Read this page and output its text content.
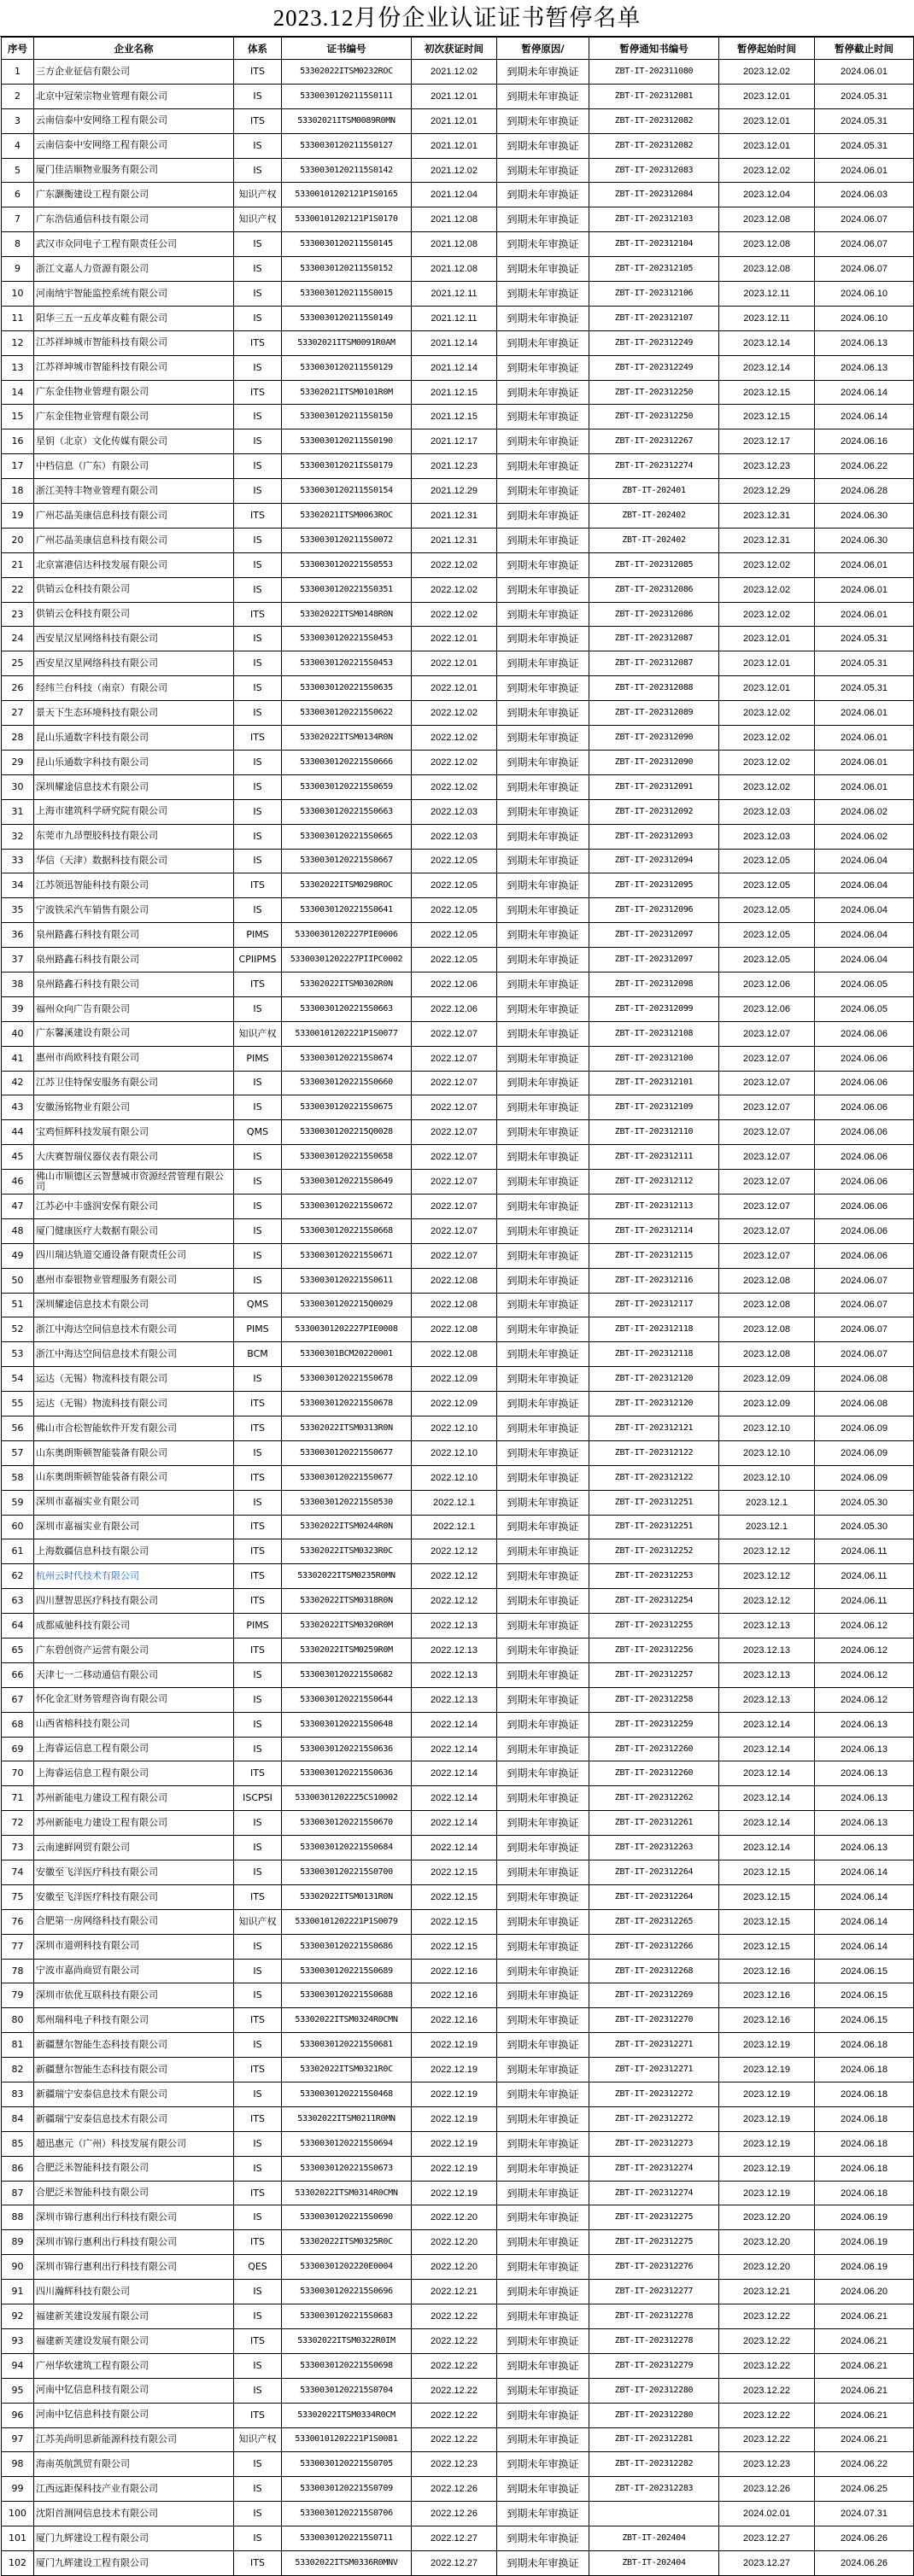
2023.12月份企业认证证书暂停名单
序号	企业名称	体系	证书编号	初次获证时间	暂停原因/	暂停通知书编号	暂停起始时间	暂停截止时间
1	三方企业征信有限公司	ITS	53302022ITSM0232ROC	2021.12.02	到期未年审换证	ZBT-IT-202311080	2023.12.02	2024.06.01
2	北京中冠荣宗物业管理有限公司	IS	53300301202115S0111	2021.12.01	到期未年审换证	ZBT-IT-202312081	2023.12.01	2024.05.31
3	云南信泰中安网络工程有限公司	ITS	53302021ITSM0089R0MN	2021.12.01	到期未年审换证	ZBT-IT-202312082	2023.12.01	2024.05.31
4	云南信泰中安网络工程有限公司	IS	53300301202115S0127	2021.12.01	到期未年审换证	ZBT-IT-202312082	2023.12.01	2024.05.31
5	厦门佳洁顺物业服务有限公司	IS	53300301202115S0142	2021.12.02	到期未年审换证	ZBT-IT-202312083	2023.12.02	2024.06.01
6	广东灏衡建设工程有限公司	知识产权	53300101202121P1S0165	2021.12.04	到期未年审换证	ZBT-IT-202312084	2023.12.04	2024.06.03
7	广东浩信通信科技有限公司	知识产权	53300101202121P1S0170	2021.12.08	到期未年审换证	ZBT-IT-202312103	2023.12.08	2024.06.07
8	武汉市众同电子工程有限责任公司	IS	53300301202115S0145	2021.12.08	到期未年审换证	ZBT-IT-202312104	2023.12.08	2024.06.07
9	浙江文嘉人力资源有限公司	IS	53300301202115S0152	2021.12.08	到期未年审换证	ZBT-IT-202312105	2023.12.08	2024.06.07
10	河南纳宇智能监控系统有限公司	IS	53300301202115S0015	2021.12.11	到期未年审换证	ZBT-IT-202312106	2023.12.11	2024.06.10
11	阳华三五一五皮革皮鞋有限公司	IS	53300301202115S0149	2021.12.11	到期未年审换证	ZBT-IT-202312107	2023.12.11	2024.06.10
12	江苏祥坤城市智能科技有限公司	ITS	53302021ITSM0091R0AM	2021.12.14	到期未年审换证	ZBT-IT-202312249	2023.12.14	2024.06.13
13	江苏祥坤城市智能科技有限公司	IS	53300301202115S0129	2021.12.14	到期未年审换证	ZBT-IT-202312249	2023.12.14	2024.06.13
14	广东金佳物业管理有限公司	ITS	53302021ITSM0101R0M	2021.12.15	到期未年审换证	ZBT-IT-202312250	2023.12.15	2024.06.14
15	广东金佳物业管理有限公司	IS	53300301202115S0150	2021.12.15	到期未年审换证	ZBT-IT-202312250	2023.12.15	2024.06.14
16	星钥（北京）文化传媒有限公司	IS	53300301202115S0190	2021.12.17	到期未年审换证	ZBT-IT-202312267	2023.12.17	2024.06.16
17	中档信息（广东）有限公司	IS	533003012021ISS0179	2021.12.23	到期未年审换证	ZBT-IT-202312274	2023.12.23	2024.06.22
18	浙江美特丰物业管理有限公司	IS	53300301202115S0154	2021.12.29	到期未年审换证	ZBT-IT-202401	2023.12.29	2024.06.28
19	广州芯晶美康信息科技有限公司	ITS	53302021ITSM0063ROC	2021.12.31	到期未年审换证	ZBT-IT-202402	2023.12.31	2024.06.30
20	广州芯晶美康信息科技有限公司	IS	53300301202115S0072	2021.12.31	到期未年审换证	ZBT-IT-202402	2023.12.31	2024.06.30
21	北京富港信达科技发展有限公司	IS	53300301202215S0553	2022.12.02	到期未年审换证	ZBT-IT-202312085	2023.12.02	2024.06.01
22	供销云仓科技有限公司	IS	53300301202215S0351	2022.12.02	到期未年审换证	ZBT-IT-202312086	2023.12.02	2024.06.01
23	供销云仓科技有限公司	ITS	53302022ITSM0148R0N	2022.12.02	到期未年审换证	ZBT-IT-202312086	2023.12.02	2024.06.01
24	西安星汉星网络科技有限公司	IS	53300301202215S0453	2022.12.01	到期未年审换证	ZBT-IT-202312087	2023.12.01	2024.05.31
25	西安星汉星网络科技有限公司	IS	53300301202215S0453	2022.12.01	到期未年审换证	ZBT-IT-202312087	2023.12.01	2024.05.31
26	经纬兰台科技（南京）有限公司	IS	53300301202215S0635	2022.12.01	到期未年审换证	ZBT-IT-202312088	2023.12.01	2024.05.31
27	景天下生态环境科技有限公司	IS	53300301202215S0622	2022.12.02	到期未年审换证	ZBT-IT-202312089	2023.12.02	2024.06.01
28	昆山乐通数字科技有限公司	ITS	53302022ITSM0134R0N	2022.12.02	到期未年审换证	ZBT-IT-202312090	2023.12.02	2024.06.01
29	昆山乐通数字科技有限公司	IS	53300301202215S0666	2022.12.02	到期未年审换证	ZBT-IT-202312090	2023.12.02	2024.06.01
30	深圳耀途信息技术有限公司	IS	53300301202215S0659	2022.12.02	到期未年审换证	ZBT-IT-202312091	2023.12.02	2024.06.01
31	上海市建筑科学研究院有限公司	IS	53300301202215S0663	2022.12.03	到期未年审换证	ZBT-IT-202312092	2023.12.03	2024.06.02
32	东莞市九昂塑胶科技有限公司	IS	53300301202215S0665	2022.12.03	到期未年审换证	ZBT-IT-202312093	2023.12.03	2024.06.02
33	华信（天津）数据科技有限公司	IS	53300301202215S0667	2022.12.05	到期未年审换证	ZBT-IT-202312094	2023.12.05	2024.06.04
34	江苏领迅智能科技有限公司	ITS	53302022ITSM0298ROC	2022.12.05	到期未年审换证	ZBT-IT-202312095	2023.12.05	2024.06.04
35	宁波铁采汽车销售有限公司	IS	53300301202215S0641	2022.12.05	到期未年审换证	ZBT-IT-202312096	2023.12.05	2024.06.04
36	泉州路鑫石科技有限公司	PIMS	53300301202227PIE0006	2022.12.05	到期未年审换证	ZBT-IT-202312097	2023.12.05	2024.06.04
37	泉州路鑫石科技有限公司	CPIIPMS	53300301202227PIIPC0002	2022.12.05	到期未年审换证	ZBT-IT-202312097	2023.12.05	2024.06.04
38	泉州路鑫石科技有限公司	ITS	53302022ITSM0302R0N	2022.12.06	到期未年审换证	ZBT-IT-202312098	2023.12.06	2024.06.05
39	福州众向广告有限公司	IS	53300301202215S0663	2022.12.06	到期未年审换证	ZBT-IT-202312099	2023.12.06	2024.06.05
40	广东馨溪建设有限公司	知识产权	53300101202221P1S0077	2022.12.07	到期未年审换证	ZBT-IT-202312108	2023.12.07	2024.06.06
41	惠州市尚欧科技有限公司	PIMS	53300301202215S0674	2022.12.07	到期未年审换证	ZBT-IT-202312100	2023.12.07	2024.06.06
42	江苏卫佳特保安服务有限公司	IS	53300301202215S0660	2022.12.07	到期未年审换证	ZBT-IT-202312101	2023.12.07	2024.06.06
43	安徽汤铭物业有限公司	IS	53300301202215S0675	2022.12.07	到期未年审换证	ZBT-IT-202312109	2023.12.07	2024.06.06
44	宝鸡恒辉科技发展有限公司	QMS	53300301202215Q0028	2022.12.07	到期未年审换证	ZBT-IT-202312110	2023.12.07	2024.06.06
45	大庆赛智瑞仪器仪表有限公司	IS	53300301202215S0658	2022.12.07	到期未年审换证	ZBT-IT-202312111	2023.12.07	2024.06.06
46	佛山市顺德区云智慧城市资源经营管理有限公司	IS	53300301202215S0649	2022.12.07	到期未年审换证	ZBT-IT-202312112	2023.12.07	2024.06.06
47	江苏必中丰盛润安保有限公司	IS	53300301202215S0672	2022.12.07	到期未年审换证	ZBT-IT-202312113	2023.12.07	2024.06.06
48	厦门健康医疗大数据有限公司	IS	53300301202215S0668	2022.12.07	到期未年审换证	ZBT-IT-202312114	2023.12.07	2024.06.06
49	四川瑞达轨道交通设备有限责任公司	IS	53300301202215S0671	2022.12.07	到期未年审换证	ZBT-IT-202312115	2023.12.07	2024.06.06
50	惠州市泰银物业管理服务有限公司	IS	53300301202215S0611	2022.12.08	到期未年审换证	ZBT-IT-202312116	2023.12.08	2024.06.07
51	深圳耀途信息技术有限公司	QMS	53300301202215Q0029	2022.12.08	到期未年审换证	ZBT-IT-202312117	2023.12.08	2024.06.07
52	浙江中海达空间信息技术有限公司	PIMS	53300301202227PIE0008	2022.12.08	到期未年审换证	ZBT-IT-202312118	2023.12.08	2024.06.07
53	浙江中海达空间信息技术有限公司	BCM	53300301BCM20220001	2022.12.08	到期未年审换证	ZBT-IT-202312118	2023.12.08	2024.06.07
54	运达（无锡）物流科技有限公司	IS	53300301202215S0678	2022.12.09	到期未年审换证	ZBT-IT-202312120	2023.12.09	2024.06.08
55	运达（无锡）物流科技有限公司	ITS	53300301202215S0678	2022.12.09	到期未年审换证	ZBT-IT-202312120	2023.12.09	2024.06.08
56	佛山市合松智能软件开发有限公司	ITS	53302022ITSM0313R0N	2022.12.10	到期未年审换证	ZBT-IT-202312121	2023.12.10	2024.06.09
57	山东奥朗斯顿智能装备有限公司	IS	53300301202215S0677	2022.12.10	到期未年审换证	ZBT-IT-202312122	2023.12.10	2024.06.09
58	山东奥朗斯顿智能装备有限公司	ITS	53300301202215S0677	2022.12.10	到期未年审换证	ZBT-IT-202312122	2023.12.10	2024.06.09
59	深圳市嘉福实业有限公司	IS	53300301202215S0530	2022.12.1	到期未年审换证	ZBT-IT-202312251	2023.12.1	2024.05.30
60	深圳市嘉福实业有限公司	ITS	53302022ITSM0244R0N	2022.12.1	到期未年审换证	ZBT-IT-202312251	2023.12.1	2024.05.30
61	上海数疆信息科技有限公司	ITS	53302022ITSM0323R0C	2022.12.12	到期未年审换证	ZBT-IT-202312252	2023.12.12	2024.06.11
62	杭州云时代技术有限公司	ITS	53302022ITSM0235R0MN	2022.12.12	到期未年审换证	ZBT-IT-202312253	2023.12.12	2024.06.11
63	四川慧智思医疗科技有限公司	ITS	53302022ITSM0318R0N	2022.12.12	到期未年审换证	ZBT-IT-202312254	2023.12.12	2024.06.11
64	成都威驰科技有限公司	PIMS	53302022ITSM0320R0M	2022.12.13	到期未年审换证	ZBT-IT-202312255	2023.12.13	2024.06.12
65	广东碧创资产运营有限公司	ITS	53302022ITSM0259R0M	2022.12.13	到期未年审换证	ZBT-IT-202312256	2023.12.13	2024.06.12
66	天津七一二移动通信有限公司	IS	53300301202215S0682	2022.12.13	到期未年审换证	ZBT-IT-202312257	2023.12.13	2024.06.12
67	怀化金汇财务管理咨询有限公司	IS	53300301202215S0644	2022.12.13	到期未年审换证	ZBT-IT-202312258	2023.12.13	2024.06.12
68	山西省榕科技有限公司	IS	53300301202215S0648	2022.12.14	到期未年审换证	ZBT-IT-202312259	2023.12.14	2024.06.13
69	上海睿运信息工程有限公司	IS	53300301202215S0636	2022.12.14	到期未年审换证	ZBT-IT-202312260	2023.12.14	2024.06.13
70	上海睿运信息工程有限公司	ITS	53300301202215S0636	2022.12.14	到期未年审换证	ZBT-IT-202312260	2023.12.14	2024.06.13
71	苏州新能电力建设工程有限公司	ISCPSI	53300301202225CS10002	2022.12.14	到期未年审换证	ZBT-IT-202312262	2023.12.14	2024.06.13
72	苏州新能电力建设工程有限公司	IS	53300301202215S0670	2022.12.14	到期未年审换证	ZBT-IT-202312261	2023.12.14	2024.06.13
73	云南速鲜网贸有限公司	IS	53300301202215S0684	2022.12.14	到期未年审换证	ZBT-IT-202312263	2023.12.14	2024.06.13
74	安徽至飞洋医疗科技有限公司	IS	53300301202215S0700	2022.12.15	到期未年审换证	ZBT-IT-202312264	2023.12.15	2024.06.14
75	安徽至飞洋医疗科技有限公司	ITS	53302022ITSM0131R0N	2022.12.15	到期未年审换证	ZBT-IT-202312264	2023.12.15	2024.06.14
76	合肥第一房网络科技有限公司	知识产权	53300101202221P1S0079	2022.12.15	到期未年审换证	ZBT-IT-202312265	2023.12.15	2024.06.14
77	深圳市道朔科技有限公司	IS	53300301202215S0686	2022.12.15	到期未年审换证	ZBT-IT-202312266	2023.12.15	2024.06.14
78	宁波市嘉尚商贸有限公司	IS	53300301202215S0689	2022.12.16	到期未年审换证	ZBT-IT-202312268	2023.12.16	2024.06.15
79	深圳市依优互联科技有限公司	IS	53300301202215S0688	2022.12.16	到期未年审换证	ZBT-IT-202312269	2023.12.16	2024.06.15
80	郑州瑞科电子科技有限公司	ITS	53302022ITSM0324R0CMN	2022.12.16	到期未年审换证	ZBT-IT-202312270	2023.12.16	2024.06.15
81	新疆慧尔智能生态科技有限公司	IS	53300301202215S0681	2022.12.19	到期未年审换证	ZBT-IT-202312271	2023.12.19	2024.06.18
82	新疆慧尔智能生态科技有限公司	ITS	53302022ITSM0321R0C	2022.12.19	到期未年审换证	ZBT-IT-202312271	2023.12.19	2024.06.18
83	新疆瑞宁安泰信息技术有限公司	IS	53300301202215S0468	2022.12.19	到期未年审换证	ZBT-IT-202312272	2023.12.19	2024.06.18
84	新疆瑞宁安泰信息技术有限公司	ITS	53302022ITSM0211R0MN	2022.12.19	到期未年审换证	ZBT-IT-202312272	2023.12.19	2024.06.18
85	超迅惠元（广州）科技发展有限公司	IS	53300301202215S0694	2022.12.19	到期未年审换证	ZBT-IT-202312273	2023.12.19	2024.06.18
86	合肥泛米智能科技有限公司	IS	53300301202215S0673	2022.12.19	到期未年审换证	ZBT-IT-202312274	2023.12.19	2024.06.18
87	合肥泛米智能科技有限公司	ITS	53302022ITSM0314R0CMN	2022.12.19	到期未年审换证	ZBT-IT-202312274	2023.12.19	2024.06.18
88	深圳市锦行惠利出行科技有限公司	IS	53300301202215S0690	2022.12.20	到期未年审换证	ZBT-IT-202312275	2023.12.20	2024.06.19
89	深圳市锦行惠利出行科技有限公司	ITS	53302022ITSM0325R0C	2022.12.20	到期未年审换证	ZBT-IT-202312275	2023.12.20	2024.06.19
90	深圳市锦行惠利出行科技有限公司	QES	53300301202220E0004	2022.12.20	到期未年审换证	ZBT-IT-202312276	2023.12.20	2024.06.19
91	四川瀚辉科技有限公司	IS	53300301202215S0696	2022.12.21	到期未年审换证	ZBT-IT-202312277	2023.12.21	2024.06.20
92	福建新芙建设发展有限公司	IS	53300301202215S0683	2022.12.22	到期未年审换证	ZBT-IT-202312278	2023.12.22	2024.06.21
93	福建新芙建设发展有限公司	ITS	53302022ITSM0322R0IM	2022.12.22	到期未年审换证	ZBT-IT-202312278	2023.12.22	2024.06.21
94	广州华软建筑工程有限公司	IS	53300301202215S0698	2022.12.22	到期未年审换证	ZBT-IT-202312279	2023.12.22	2024.06.21
95	河南中钇信息科技有限公司	IS	53300301202215S0704	2022.12.22	到期未年审换证	ZBT-IT-202312280	2023.12.22	2024.06.21
96	河南中钇信息科技有限公司	ITS	53302022ITSM0334R0CM	2022.12.22	到期未年审换证	ZBT-IT-202312280	2023.12.22	2024.06.21
97	江苏美尚明思新能源科技有限公司	知识产权	53300101202221P1S0081	2022.12.22	到期未年审换证	ZBT-IT-202312281	2023.12.22	2024.06.21
98	海南英航凯贸有限公司	IS	53300301202215S0705	2022.12.23	到期未年审换证	ZBT-IT-202312282	2023.12.23	2024.06.22
99	江西远距保科技产业有限公司	IS	53300301202215S0709	2022.12.26	到期未年审换证	ZBT-IT-202312283	2023.12.26	2024.06.25
100	沈阳首测网信息技术有限公司	IS	53300301202215S0706	2022.12.26	到期未年审换证		2024.02.01	2024.07.31
101	厦门九辉建设工程有限公司	IS	53300301202215S0711	2022.12.27	到期未年审换证	ZBT-IT-202404	2023.12.27	2024.06.26
102	厦门九辉建设工程有限公司	ITS	53302022ITSM0336R0MNV	2022.12.27	到期未年审换证	ZBT-IT-202404	2023.12.27	2024.06.26
